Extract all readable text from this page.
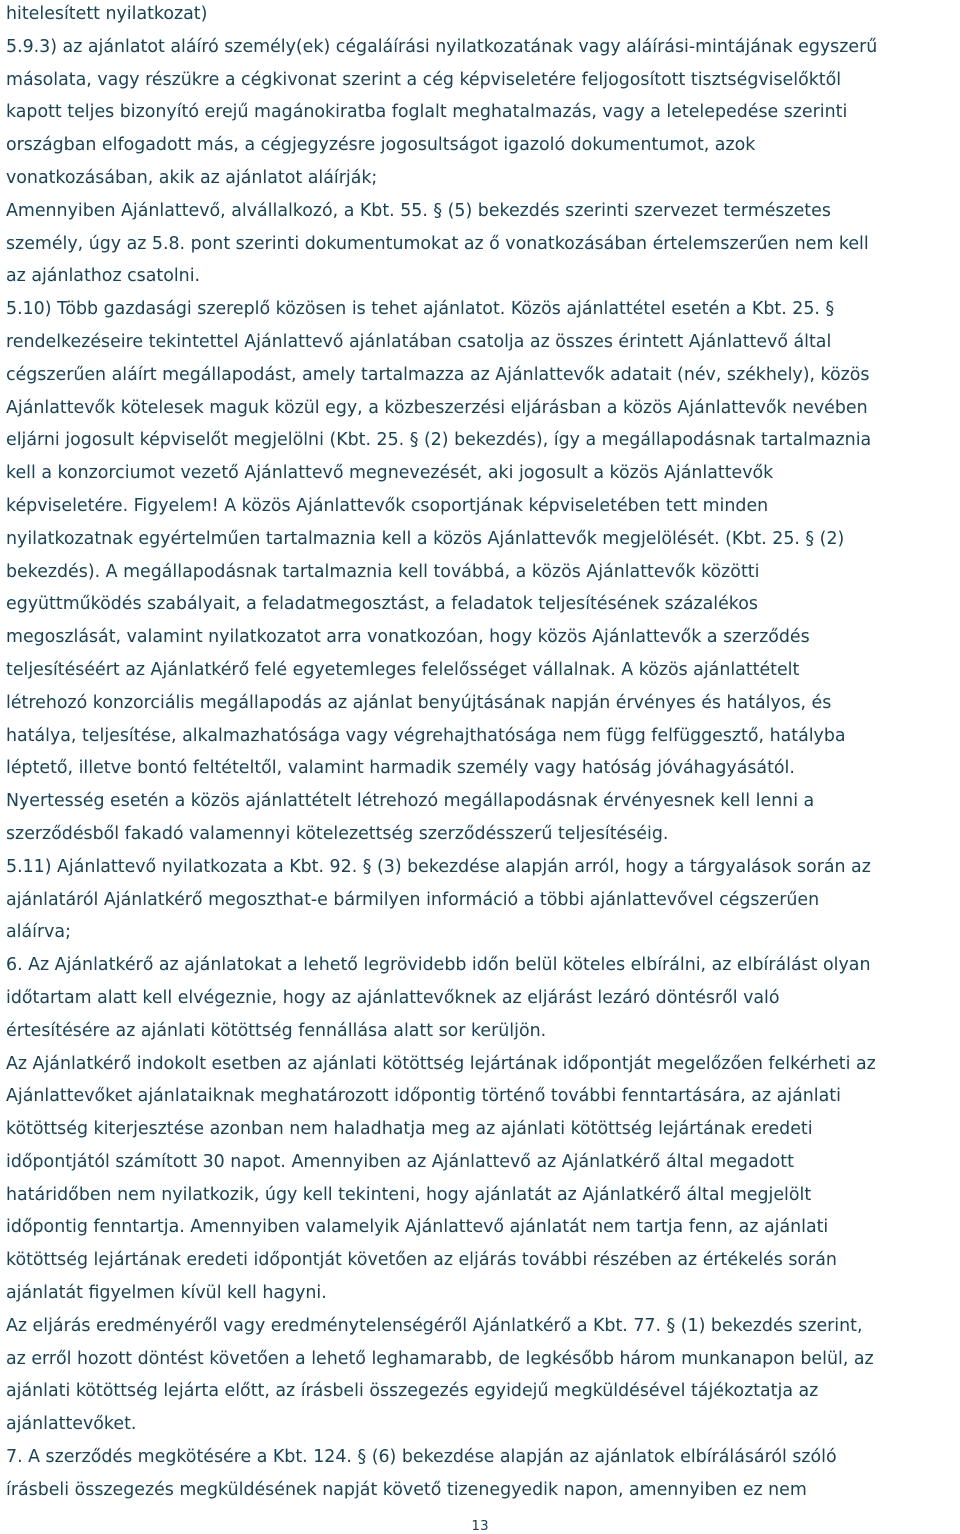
hitelesített nyilatkozat)

5.9.3) az ajánlatot aláíró személy(ek) cégaláírási nyilatkozatának vagy aláírási-mintájának egyszerű

másolata, vagy részükre a cégkivonat szerint a cég képviseletére feljogosított tisztségviselőktől

kapott teljes bizonyító erejű magánokiratba foglalt meghatalmazás, vagy a letelepedése szerinti

országban elfogadott más, a cégjegyzésre jogosultságot igazoló dokumentumot, azok

vonatkozásában, akik az ajánlatot aláírják;

Amennyiben Ajánlattevő, alvállalkozó, a Kbt. 55. § (5) bekezdés szerinti szervezet természetes

személy, úgy az 5.8. pont szerinti dokumentumokat az ő vonatkozásában értelemszerűen nem kell

az ajánlathoz csatolni.

5.10) Több gazdasági szereplő közösen is tehet ajánlatot. Közös ajánlattétel esetén a Kbt. 25. §

rendelkezéseire tekintettel Ajánlattevő ajánlatában csatolja az összes érintett Ajánlattevő által

cégszerűen aláírt megállapodást, amely tartalmazza az Ajánlattevők adatait (név, székhely), közös

Ajánlattevők kötelesek maguk közül egy, a közbeszerzési eljárásban a közös Ajánlattevők nevében

eljárni jogosult képviselőt megjelölni (Kbt. 25. § (2) bekezdés), így a megállapodásnak tartalmaznia

kell a konzorciumot vezető Ajánlattevő megnevezését, aki jogosult a közös Ajánlattevők

képviseletére. Figyelem! A közös Ajánlattevők csoportjának képviseletében tett minden

nyilatkozatnak egyértelműen tartalmaznia kell a közös Ajánlattevők megjelölését. (Kbt. 25. § (2)

bekezdés). A megállapodásnak tartalmaznia kell továbbá, a közös Ajánlattevők közötti

együttműködés szabályait, a feladatmegosztást, a feladatok teljesítésének százalékos

megoszlását, valamint nyilatkozatot arra vonatkozóan, hogy közös Ajánlattevők a szerződés

teljesítéséért az Ajánlatkérő felé egyetemleges felelősséget vállalnak. A közös ajánlattételt

létrehozó konzorciális megállapodás az ajánlat benyújtásának napján érvényes és hatályos, és

hatálya, teljesítése, alkalmazhatósága vagy végrehajthatósága nem függ felfüggesztő, hatályba

léptető, illetve bontó feltételtől, valamint harmadik személy vagy hatóság jóváhagyásától.

Nyertesség esetén a közös ajánlattételt létrehozó megállapodásnak érvényesnek kell lenni a

szerződésből fakadó valamennyi kötelezettség szerződésszerű teljesítéséig.

5.11) Ajánlattevő nyilatkozata a Kbt. 92. § (3) bekezdése alapján arról, hogy a tárgyalások során az

ajánlatáról Ajánlatkérő megoszthat-e bármilyen információ a többi ajánlattevővel cégszerűen

aláírva;

6. Az Ajánlatkérő az ajánlatokat a lehető legrövidebb időn belül köteles elbírálni, az elbírálást olyan

időtartam alatt kell elvégeznie, hogy az ajánlattevőknek az eljárást lezáró döntésről való

értesítésére az ajánlati kötöttség fennállása alatt sor kerüljön.

Az Ajánlatkérő indokolt esetben az ajánlati kötöttség lejártának időpontját megelőzően felkérheti az

Ajánlattevőket ajánlataiknak meghatározott időpontig történő további fenntartására, az ajánlati

kötöttség kiterjesztése azonban nem haladhatja meg az ajánlati kötöttség lejártának eredeti

időpontjától számított 30 napot. Amennyiben az Ajánlattevő az Ajánlatkérő által megadott

határidőben nem nyilatkozik, úgy kell tekinteni, hogy ajánlatát az Ajánlatkérő által megjelölt

időpontig fenntartja. Amennyiben valamelyik Ajánlattevő ajánlatát nem tartja fenn, az ajánlati

kötöttség lejártának eredeti időpontját követően az eljárás további részében az értékelés során

ajánlatát figyelmen kívül kell hagyni.

Az eljárás eredményéről vagy eredménytelenségéről Ajánlatkérő a Kbt. 77. § (1) bekezdés szerint,

az erről hozott döntést követően a lehető leghamarabb, de legkésőbb három munkanapon belül, az

ajánlati kötöttség lejárta előtt, az írásbeli összegezés egyidejű megküldésével tájékoztatja az

ajánlattevőket.

7. A szerződés megkötésére a Kbt. 124. § (6) bekezdése alapján az ajánlatok elbírálásáról szóló

írásbeli összegezés megküldésének napját követő tizenegyedik napon, amennyiben ez nem

13
